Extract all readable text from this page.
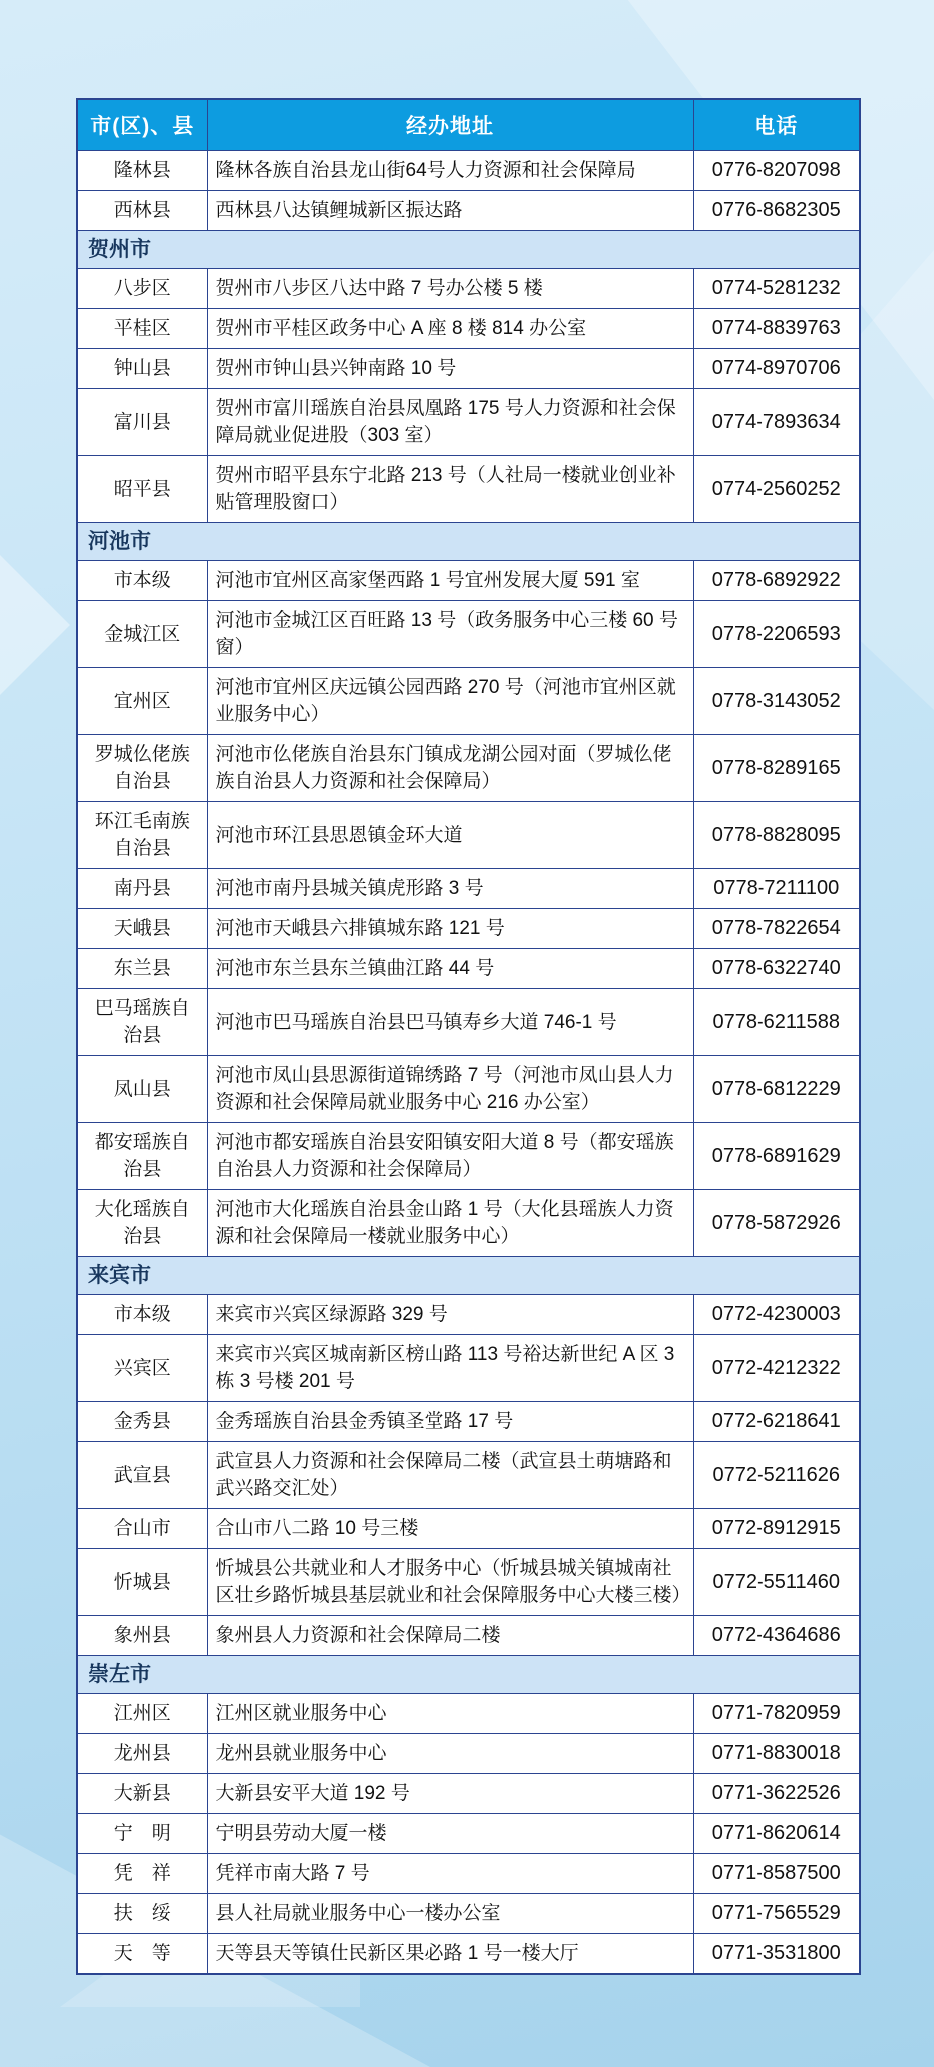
市(区)、县	经办地址	电话
隆林县	隆林各族自治县龙山街64号人力资源和社会保障局	0776-8207098
西林县	西林县八达镇鲤城新区振达路	0776-8682305
贺州市		
八步区	贺州市八步区八达中路 7 号办公楼 5 楼	0774-5281232
平桂区	贺州市平桂区政务中心 A 座 8 楼 814 办公室	0774-8839763
钟山县	贺州市钟山县兴钟南路 10 号	0774-8970706
富川县	贺州市富川瑶族自治县凤凰路 175 号人力资源和社会保障局就业促进股（303 室）	0774-7893634
昭平县	贺州市昭平县东宁北路 213 号（人社局一楼就业创业补贴管理股窗口）	0774-2560252
河池市		
市本级	河池市宜州区高家堡西路 1 号宜州发展大厦 591 室	0778-6892922
金城江区	河池市金城江区百旺路 13 号（政务服务中心三楼 60 号窗）	0778-2206593
宜州区	河池市宜州区庆远镇公园西路 270 号（河池市宜州区就业服务中心）	0778-3143052
罗城仫佬族自治县	河池市仫佬族自治县东门镇成龙湖公园对面（罗城仫佬族自治县人力资源和社会保障局）	0778-8289165
环江毛南族自治县	河池市环江县思恩镇金环大道	0778-8828095
南丹县	河池市南丹县城关镇虎形路 3 号	0778-7211100
天峨县	河池市天峨县六排镇城东路 121 号	0778-7822654
东兰县	河池市东兰县东兰镇曲江路 44 号	0778-6322740
巴马瑶族自治县	河池市巴马瑶族自治县巴马镇寿乡大道 746-1 号	0778-6211588
凤山县	河池市凤山县思源街道锦绣路 7 号（河池市凤山县人力资源和社会保障局就业服务中心 216 办公室）	0778-6812229
都安瑶族自治县	河池市都安瑶族自治县安阳镇安阳大道 8 号（都安瑶族自治县人力资源和社会保障局）	0778-6891629
大化瑶族自治县	河池市大化瑶族自治县金山路 1 号（大化县瑶族人力资源和社会保障局一楼就业服务中心）	0778-5872926
来宾市		
市本级	来宾市兴宾区绿源路 329 号	0772-4230003
兴宾区	来宾市兴宾区城南新区榜山路 113 号裕达新世纪 A 区 3 栋 3 号楼 201 号	0772-4212322
金秀县	金秀瑶族自治县金秀镇圣堂路 17 号	0772-6218641
武宣县	武宣县人力资源和社会保障局二楼（武宣县土萌塘路和武兴路交汇处）	0772-5211626
合山市	合山市八二路 10 号三楼	0772-8912915
忻城县	忻城县公共就业和人才服务中心（忻城县城关镇城南社区壮乡路忻城县基层就业和社会保障服务中心大楼三楼）	0772-5511460
象州县	象州县人力资源和社会保障局二楼	0772-4364686
崇左市		
江州区	江州区就业服务中心	0771-7820959
龙州县	龙州县就业服务中心	0771-8830018
大新县	大新县安平大道 192 号	0771-3622526
宁　明	宁明县劳动大厦一楼	0771-8620614
凭　祥	凭祥市南大路 7 号	0771-8587500
扶　绥	县人社局就业服务中心一楼办公室	0771-7565529
天　等	天等县天等镇仕民新区果必路 1 号一楼大厅	0771-3531800
